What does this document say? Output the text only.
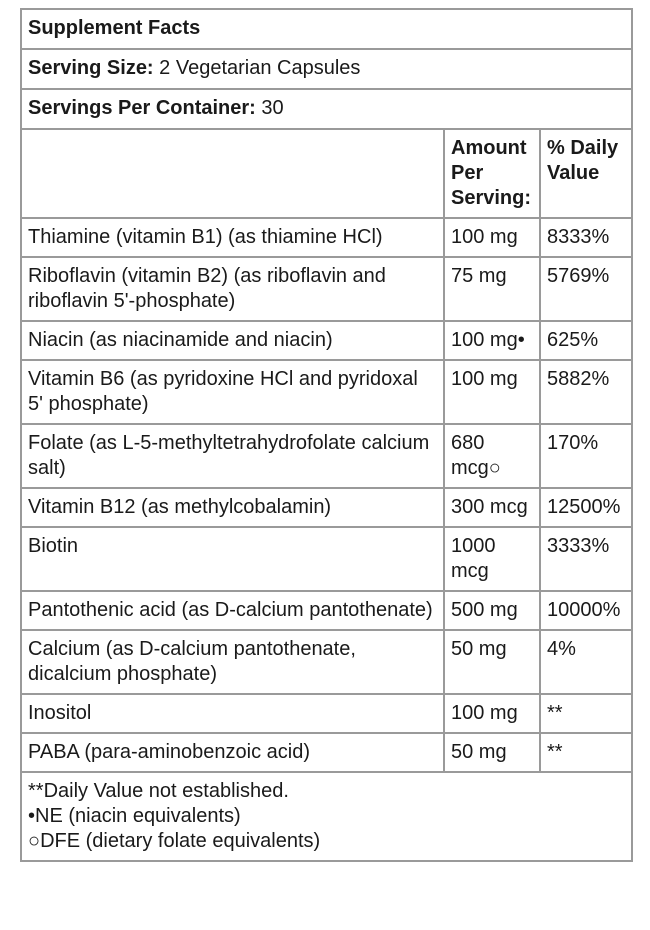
Supplement Facts		
Serving Size: 2 Vegetarian Capsules		
Servings Per Container: 30		
	Amount Per Serving:	% Daily Value
Thiamine (vitamin B1) (as thiamine HCl)	100 mg	8333%
Riboflavin (vitamin B2) (as riboflavin and riboflavin 5'-phosphate)	75 mg	5769%
Niacin (as niacinamide and niacin)	100 mg•	625%
Vitamin B6 (as pyridoxine HCl and pyridoxal 5' phosphate)	100 mg	5882%
Folate (as L-5-methyltetrahydrofolate calcium salt)	680 mcg○	170%
Vitamin B12 (as methylcobalamin)	300 mcg	12500%
Biotin	1000 mcg	3333%
Pantothenic acid (as D-calcium pantothenate)	500 mg	10000%
Calcium (as D-calcium pantothenate, dicalcium phosphate)	50 mg	4%
Inositol	100 mg	**
PABA (para-aminobenzoic acid)	50 mg	**

**Daily Value not established.
•NE (niacin equivalents)
○DFE (dietary folate equivalents)		
